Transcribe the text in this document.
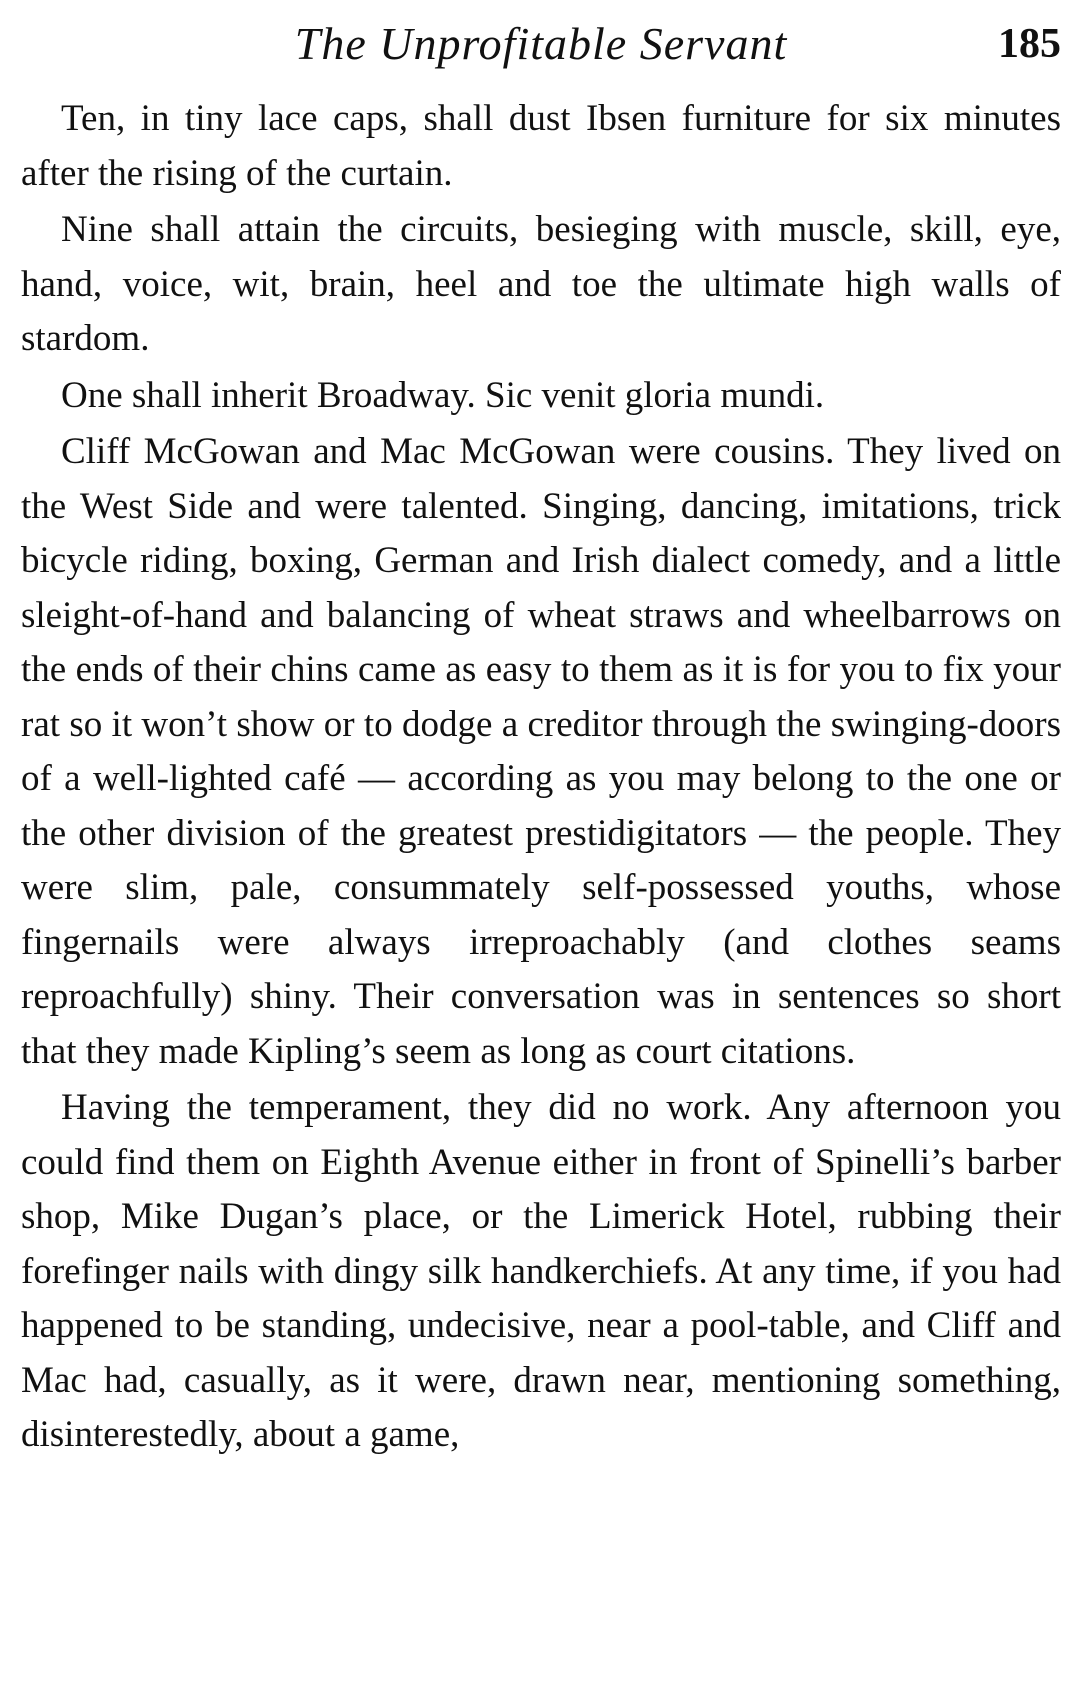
The Unprofitable Servant	185

Ten, in tiny lace caps, shall dust Ibsen furniture for six minutes after the rising of the curtain.

Nine shall attain the circuits, besieging with muscle, skill, eye, hand, voice, wit, brain, heel and toe the ultimate high walls of stardom.

One shall inherit Broadway. Sic venit gloria mundi.

Cliff McGowan and Mac McGowan were cousins. They lived on the West Side and were talented. Singing, dancing, imitations, trick bicycle riding, boxing, German and Irish dialect comedy, and a little sleight-of-hand and balancing of wheat straws and wheelbarrows on the ends of their chins came as easy to them as it is for you to fix your rat so it won’t show or to dodge a creditor through the swinging-doors of a well-lighted café — according as you may belong to the one or the other division of the greatest prestidigitators — the people. They were slim, pale, consummately self-possessed youths, whose fingernails were always irreproachably (and clothes seams reproachfully) shiny. Their conversation was in sentences so short that they made Kipling’s seem as long as court citations.

Having the temperament, they did no work. Any afternoon you could find them on Eighth Avenue either in front of Spinelli’s barber shop, Mike Dugan’s place, or the Limerick Hotel, rubbing their forefinger nails with dingy silk handkerchiefs. At any time, if you had happened to be standing, undecisive, near a pool-table, and Cliff and Mac had, casually, as it were, drawn near, mentioning something, disinterestedly, about a game,
